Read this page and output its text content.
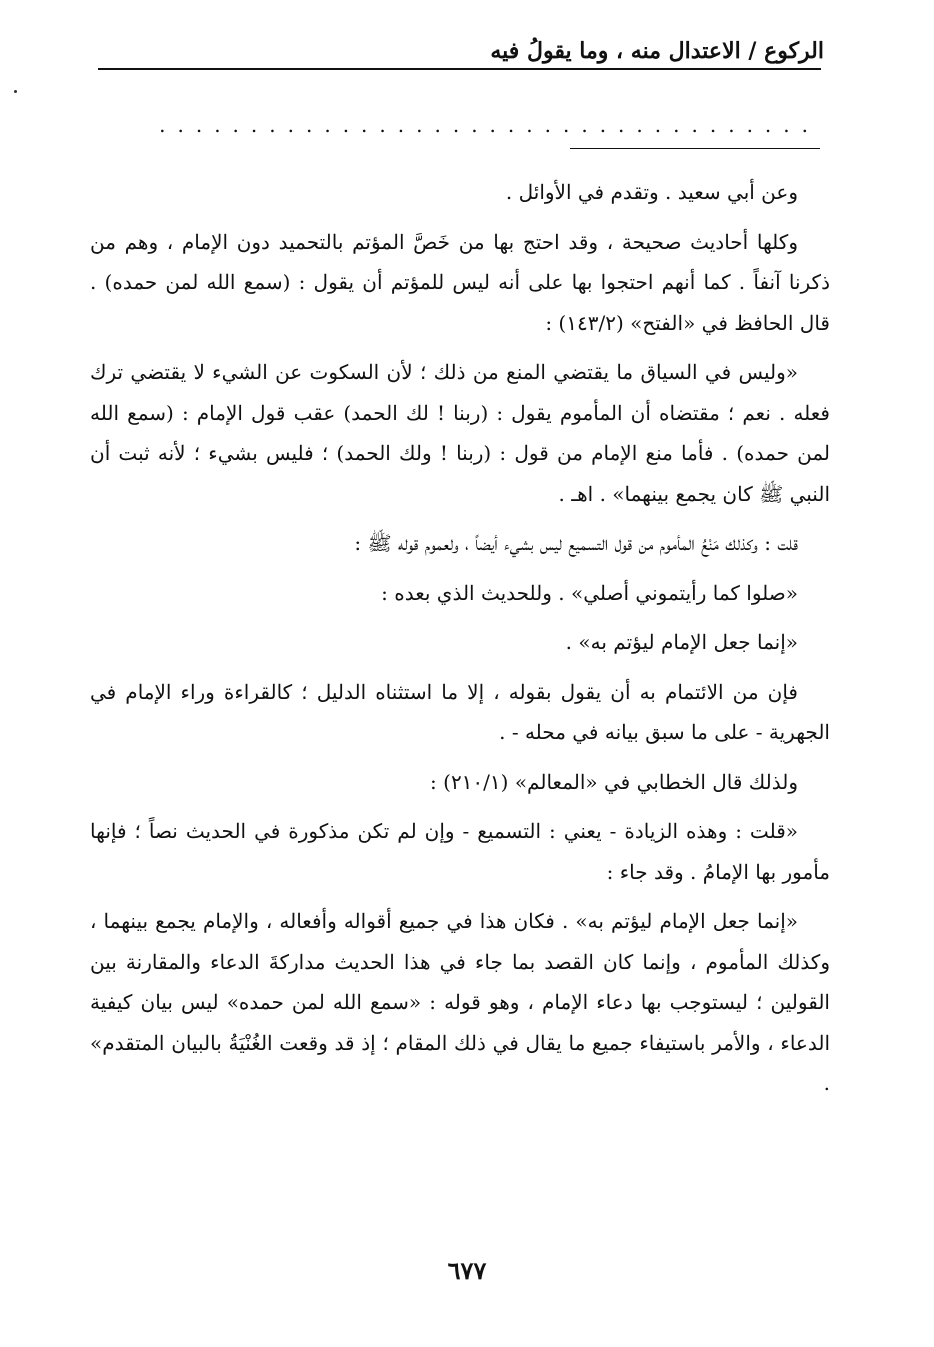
الركوع / الاعتدال منه ، وما يقولُ فيه
....................................

وعن أبي سعيد . وتقدم في الأوائل .

وكلها أحاديث صحيحة ، وقد احتج بها من خَصَّ المؤتم بالتحميد دون الإمام ، وهم من ذكرنا آنفاً . كما أنهم احتجوا بها على أنه ليس للمؤتم أن يقول : (سمع الله لمن حمده) . قال الحافظ في «الفتح» (١٤٣/٢) :

«وليس في السياق ما يقتضي المنع من ذلك ؛ لأن السكوت عن الشيء لا يقتضي ترك فعله . نعم ؛ مقتضاه أن المأموم يقول : (ربنا ! لك الحمد) عقب قول الإمام : (سمع الله لمن حمده) . فأما منع الإمام من قول : (ربنا ! ولك الحمد) ؛ فليس بشيء ؛ لأنه ثبت أن النبي ﷺ كان يجمع بينهما» . اهـ .

قلت : وكذلك مَنْعُ المأموم من قول التسميع ليس بشيء أيضاً ، ولعموم قوله ﷺ :

«صلوا كما رأيتموني أصلي» . وللحديث الذي بعده :

«إنما جعل الإمام ليؤتم به» .

فإن من الائتمام به أن يقول بقوله ، إلا ما استثناه الدليل ؛ كالقراءة وراء الإمام في الجهرية - على ما سبق بيانه في محله - .

ولذلك قال الخطابي في «المعالم» (٢١٠/١) :

«قلت : وهذه الزيادة - يعني : التسميع - وإن لم تكن مذكورة في الحديث نصاً ؛ فإنها مأمور بها الإمامُ . وقد جاء :

«إنما جعل الإمام ليؤتم به» . فكان هذا في جميع أقواله وأفعاله ، والإمام يجمع بينهما ، وكذلك المأموم ، وإنما كان القصد بما جاء في هذا الحديث مداركةَ الدعاء والمقارنة بين القولين ؛ ليستوجب بها دعاء الإمام ، وهو قوله : «سمع الله لمن حمده» ليس بيان كيفية الدعاء ، والأمر باستيفاء جميع ما يقال في ذلك المقام ؛ إذ قد وقعت الغُنْيَةُ بالبيان المتقدم» .

٦٧٧
